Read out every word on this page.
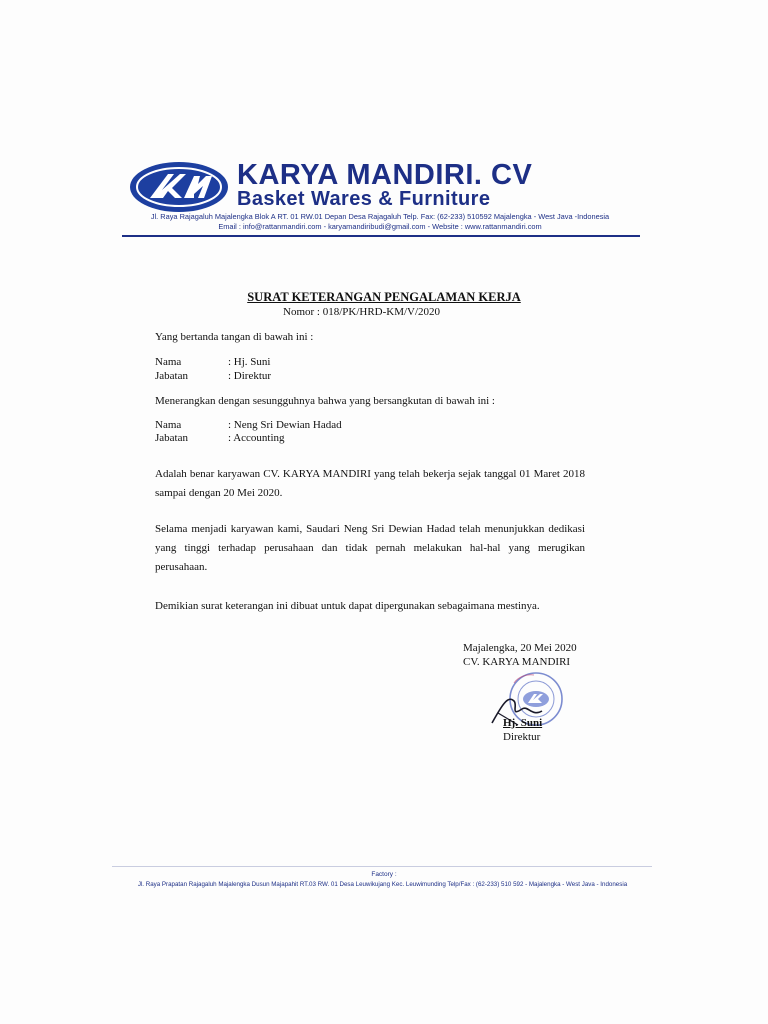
KARYA MANDIRI. CV
Basket Wares & Furniture
Jl. Raya Rajagaluh Majalengka Blok A RT. 01 RW.01 Depan Desa Rajagaluh Telp. Fax: (62-233) 510592 Majalengka - West Java -Indonesia
Email : info@rattanmandiri.com - karyamandiribudi@gmail.com - Website : www.rattanmandiri.com
SURAT KETERANGAN PENGALAMAN KERJA
Nomor : 018/PK/HRD-KM/V/2020
Yang bertanda tangan di bawah ini :
Nama	: Hj. Suni
Jabatan	: Direktur
Menerangkan dengan sesungguhnya bahwa yang bersangkutan di bawah ini :
Nama	: Neng Sri Dewian Hadad
Jabatan	: Accounting
Adalah benar karyawan CV. KARYA MANDIRI yang telah bekerja sejak tanggal 01 Maret 2018 sampai dengan 20 Mei 2020.
Selama menjadi karyawan kami, Saudari Neng Sri Dewian Hadad telah menunjukkan dedikasi yang tinggi terhadap perusahaan dan tidak pernah melakukan hal-hal yang merugikan perusahaan.
Demikian surat keterangan ini dibuat untuk dapat dipergunakan sebagaimana mestinya.
Majalengka, 20 Mei 2020
CV. KARYA MANDIRI
Hj. Suni
Direktur
Factory :
Jl. Raya Prapatan Rajagaluh Majalengka Dusun Majapahit RT.03 RW. 01 Desa Leuwikujang Kec. Leuwimunding Telp/Fax : (62-233) 510 592 - Majalengka - West Java - Indonesia
